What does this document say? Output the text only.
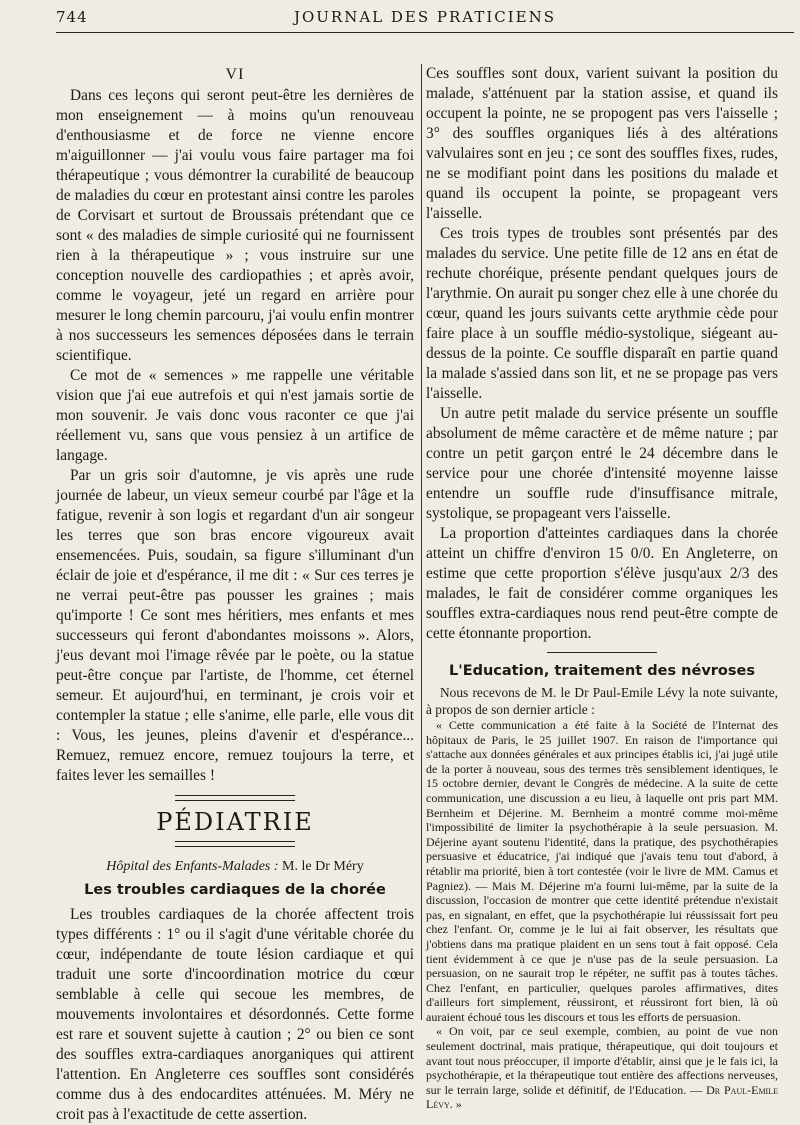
744	JOURNAL DES PRATICIENS
VI

Dans ces leçons qui seront peut-être les dernières de mon enseignement — à moins qu'un renouveau d'enthousiasme et de force ne vienne encore m'aiguillonner — j'ai voulu vous faire partager ma foi thérapeutique ; vous démontrer la curabilité de beaucoup de maladies du cœur en protestant ainsi contre les paroles de Corvisart et surtout de Broussais prétendant que ce sont « des maladies de simple curiosité qui ne fournissent rien à la thérapeutique » ; vous instruire sur une conception nouvelle des cardiopathies ; et après avoir, comme le voyageur, jeté un regard en arrière pour mesurer le long chemin parcouru, j'ai voulu enfin montrer à nos successeurs les semences déposées dans le terrain scientifique.

Ce mot de « semences » me rappelle une véritable vision que j'ai eue autrefois et qui n'est jamais sortie de mon souvenir. Je vais donc vous raconter ce que j'ai réellement vu, sans que vous pensiez à un artifice de langage.

Par un gris soir d'automne, je vis après une rude journée de labeur, un vieux semeur courbé par l'âge et la fatigue, revenir à son logis et regardant d'un air songeur les terres que son bras encore vigoureux avait ensemencées. Puis, soudain, sa figure s'illuminant d'un éclair de joie et d'espérance, il me dit : « Sur ces terres je ne verrai peut-être pas pousser les graines ; mais qu'importe ! Ce sont mes héritiers, mes enfants et mes successeurs qui feront d'abondantes moissons ». Alors, j'eus devant moi l'image rêvée par le poète, ou la statue peut-être conçue par l'artiste, de l'homme, cet éternel semeur. Et aujourd'hui, en terminant, je crois voir et contempler la statue ; elle s'anime, elle parle, elle vous dit : Vous, les jeunes, pleins d'avenir et d'espérance... Remuez, remuez encore, remuez toujours la terre, et faites lever les semailles !

PÉDIATRIE
Hôpital des Enfants-Malades : M. le Dr Méry
Les troubles cardiaques de la chorée

Les troubles cardiaques de la chorée affectent trois types différents : 1° ou il s'agit d'une véritable chorée du cœur, indépendante de toute lésion cardiaque et qui traduit une sorte d'incoordination motrice du cœur semblable à celle qui secoue les membres, de mouvements involontaires et désordonnés. Cette forme est rare et souvent sujette à caution ; 2° ou bien ce sont des souffles extra-cardiaques anorganiques qui attirent l'attention. En Angleterre ces souffles sont considérés comme dus à des endocardites atténuées. M. Méry ne croit pas à l'exactitude de cette assertion.

Ces souffles sont doux, varient suivant la position du malade, s'atténuent par la station assise, et quand ils occupent la pointe, ne se propogent pas vers l'aisselle ; 3° des souffles organiques liés à des altérations valvulaires sont en jeu ; ce sont des souffles fixes, rudes, ne se modifiant point dans les positions du malade et quand ils occupent la pointe, se propageant vers l'aisselle.

Ces trois types de troubles sont présentés par des malades du service. Une petite fille de 12 ans en état de rechute choréique, présente pendant quelques jours de l'arythmie. On aurait pu songer chez elle à une chorée du cœur, quand les jours suivants cette arythmie cède pour faire place à un souffle médio-systolique, siégeant au-dessus de la pointe. Ce souffle disparaît en partie quand la malade s'assied dans son lit, et ne se propage pas vers l'aisselle.

Un autre petit malade du service présente un souffle absolument de même caractère et de même nature ; par contre un petit garçon entré le 24 décembre dans le service pour une chorée d'intensité moyenne laisse entendre un souffle rude d'insuffisance mitrale, systolique, se propageant vers l'aisselle.

La proportion d'atteintes cardiaques dans la chorée atteint un chiffre d'environ 15 0/0. En Angleterre, on estime que cette proportion s'élève jusqu'aux 2/3 des malades, le fait de considérer comme organiques les souffles extra-cardiaques nous rend peut-être compte de cette étonnante proportion.

L'Education, traitement des névroses

Nous recevons de M. le Dr Paul-Emile Lévy la note suivante, à propos de son dernier article :

« Cette communication a été faite à la Société de l'Internat des hôpitaux de Paris, le 25 juillet 1907. En raison de l'importance qui s'attache aux données générales et aux principes établis ici, j'ai jugé utile de la porter à nouveau, sous des termes très sensiblement identiques, le 15 octobre dernier, devant le Congrès de médecine. A la suite de cette communication, une discussion a eu lieu, à laquelle ont pris part MM. Bernheim et Déjerine. M. Bernheim a montré comme moi-même l'impossibilité de limiter la psychothérapie à la seule persuasion. M. Déjerine ayant soutenu l'identité, dans la pratique, des psychothérapies persuasive et éducatrice, j'ai indiqué que j'avais tenu tout d'abord, à rétablir ma priorité, bien à tort contestée (voir le livre de MM. Camus et Pagniez). — Mais M. Déjerine m'a fourni lui-même, par la suite de la discussion, l'occasion de montrer que cette identité prétendue n'existait pas, en signalant, en effet, que la psychothérapie lui réussissait fort peu chez l'enfant. Or, comme je le lui ai fait observer, les résultats que j'obtiens dans ma pratique plaident en un sens tout à fait opposé. Cela tient évidemment à ce que je n'use pas de la seule persuasion. La persuasion, on ne saurait trop le répéter, ne suffit pas à toutes tâches. Chez l'enfant, en particulier, quelques paroles affirmatives, dites d'ailleurs fort simplement, réussiront, et réussiront fort bien, là où auraient échoué tous les discours et tous les efforts de persuasion.

« On voit, par ce seul exemple, combien, au point de vue non seulement doctrinal, mais pratique, thérapeutique, qui doit toujours et avant tout nous préoccuper, il importe d'établir, ainsi que je le fais ici, la psychothérapie, et la thérapeutique tout entière des affections nerveuses, sur le terrain large, solide et définitif, de l'Education. — Dr Paul-Emile Lévy. »
